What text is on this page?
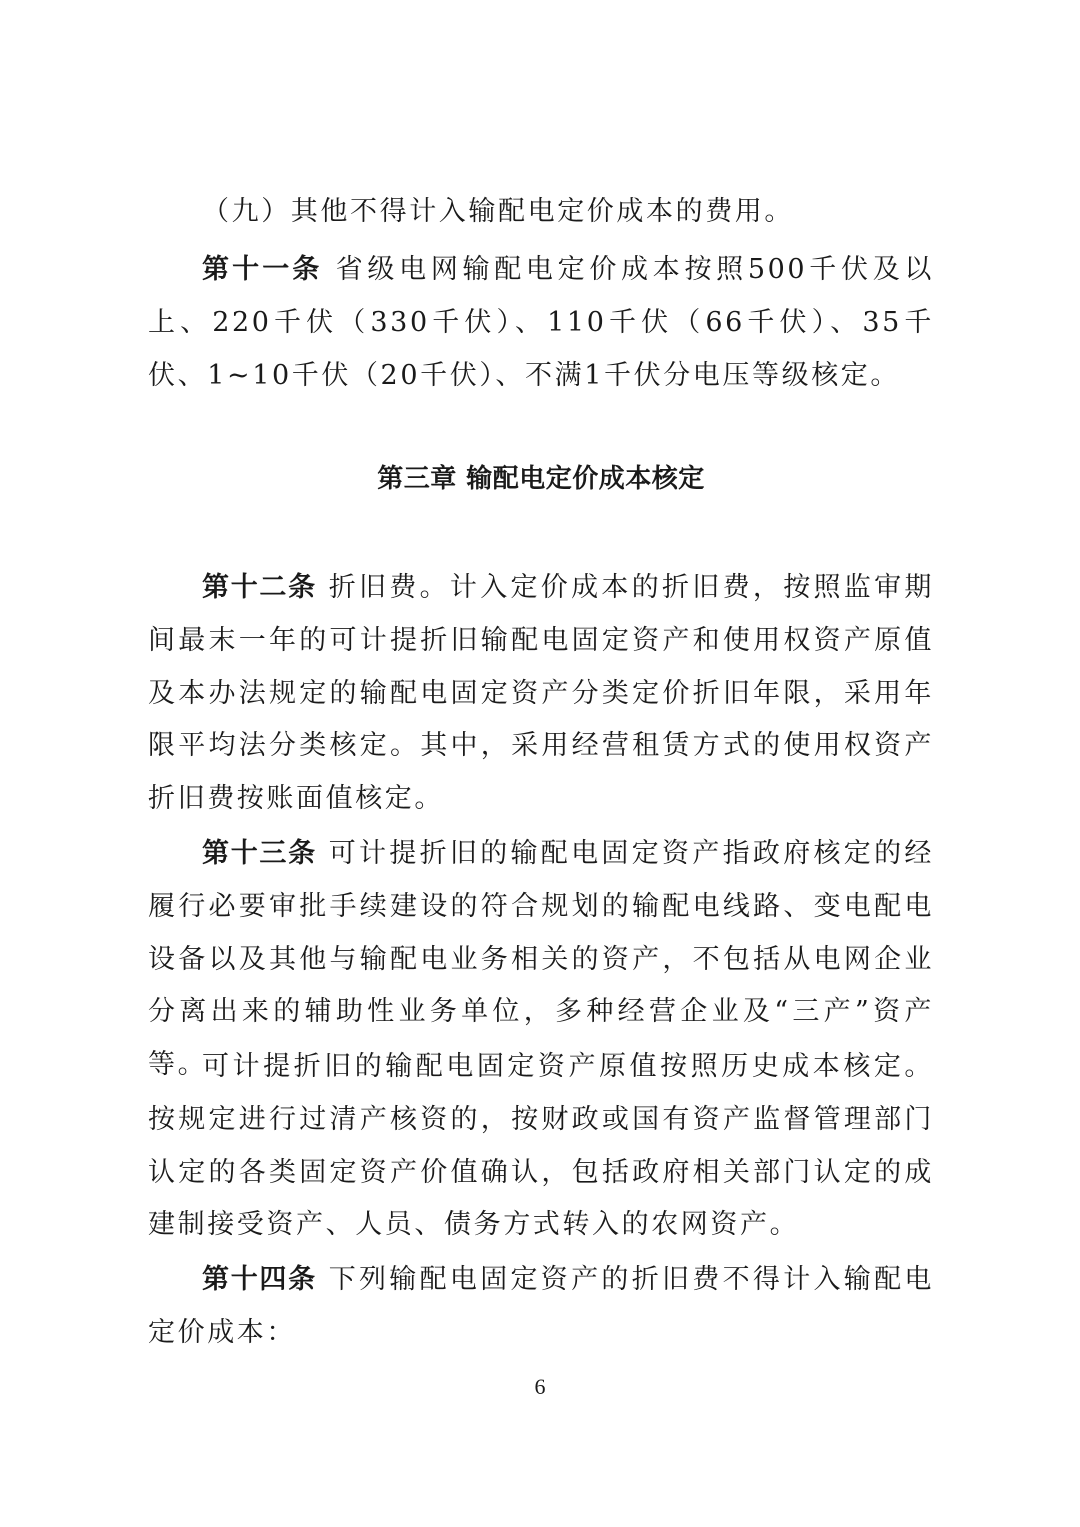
（九）其他不得计入输配电定价成本的费用。

第十一条 省级电网输配电定价成本按照500千伏及以上、220千伏（330千伏）、110千伏（66千伏）、35千伏、1~10千伏（20千伏）、不满1千伏分电压等级核定。

第三章 输配电定价成本核定

第十二条 折旧费。计入定价成本的折旧费，按照监审期间最末一年的可计提折旧输配电固定资产和使用权资产原值及本办法规定的输配电固定资产分类定价折旧年限，采用年限平均法分类核定。其中，采用经营租赁方式的使用权资产折旧费按账面值核定。

第十三条 可计提折旧的输配电固定资产指政府核定的经履行必要审批手续建设的符合规划的输配电线路、变电配电设备以及其他与输配电业务相关的资产，不包括从电网企业分离出来的辅助性业务单位，多种经营企业及“三产”资产等。

可计提折旧的输配电固定资产原值按照历史成本核定。按规定进行过清产核资的，按财政或国有资产监督管理部门认定的各类固定资产价值确认，包括政府相关部门认定的成建制接受资产、人员、债务方式转入的农网资产。

第十四条 下列输配电固定资产的折旧费不得计入输配电定价成本：

6
